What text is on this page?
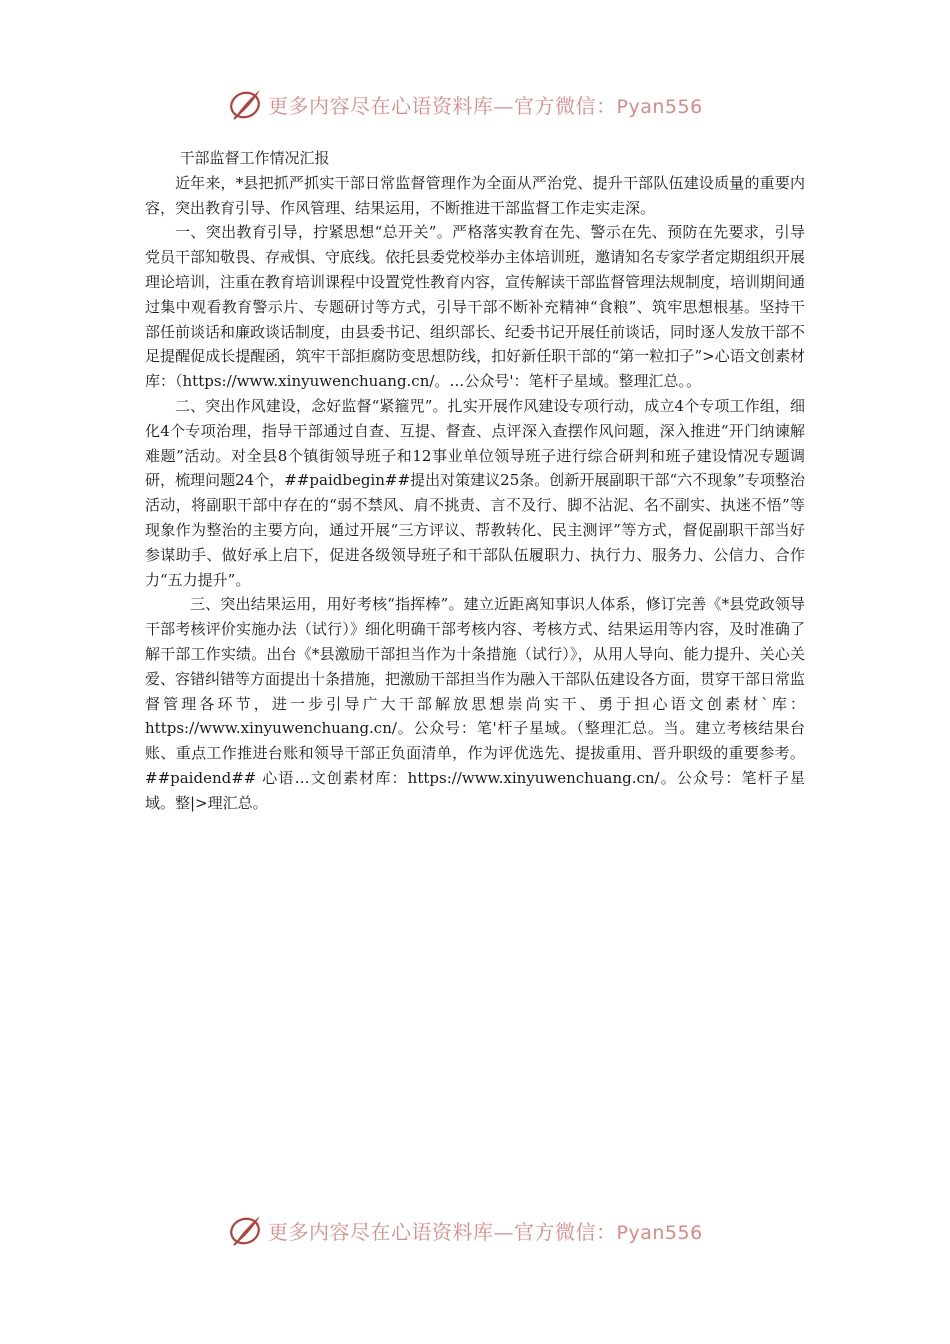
更多内容尽在心语资料库—官方微信：Pyan556

干部监督工作情况汇报

近年来，*县把抓严抓实干部日常监督管理作为全面从严治党、提升干部队伍建设质量的重要内容，突出教育引导、作风管理、结果运用，不断推进干部监督工作走实走深。

一、突出教育引导，拧紧思想“总开关”。严格落实教育在先、警示在先、预防在先要求，引导党员干部知敬畏、存戒惧、守底线。依托县委党校举办主体培训班，邀请知名专家学者定期组织开展理论培训，注重在教育培训课程中设置党性教育内容，宣传解读干部监督管理法规制度，培训期间通过集中观看教育警示片、专题研讨等方式，引导干部不断补充精神“食粮”、筑牢思想根基。坚持干部任前谈话和廉政谈话制度，由县委书记、组织部长、纪委书记开展任前谈话，同时逐人发放干部不足提醒促成长提醒函，筑牢干部拒腐防变思想防线，扣好新任职干部的“第一粒扣子”>心语文创素材库：（https://www.xinyuwenchuang.cn/。…公众号'：笔杆子星域。整理汇总。。

二、突出作风建设，念好监督“紧箍咒”。扎实开展作风建设专项行动，成立4个专项工作组，细化4个专项治理，指导干部通过自查、互提、督查、点评深入查摆作风问题，深入推进“开门纳谏解难题”活动。对全县8个镇街领导班子和12事业单位领导班子进行综合研判和班子建设情况专题调研，梳理问题24个，##paidbegin##提出对策建议25条。创新开展副职干部“六不现象”专项整治活动，将副职干部中存在的“弱不禁风、肩不挑责、言不及行、脚不沾泥、名不副实、执迷不悟”等现象作为整治的主要方向，通过开展“三方评议、帮教转化、民主测评”等方式，督促副职干部当好参谋助手、做好承上启下，促进各级领导班子和干部队伍履职力、执行力、服务力、公信力、合作力“五力提升”。

三、突出结果运用，用好考核“指挥棒”。建立近距离知事识人体系，修订完善《*县党政领导干部考核评价实施办法（试行）》细化明确干部考核内容、考核方式、结果运用等内容，及时准确了解干部工作实绩。出台《*县激励干部担当作为十条措施（试行）》，从用人导向、能力提升、关心关爱、容错纠错等方面提出十条措施，把激励干部担当作为融入干部队伍建设各方面，贯穿干部日常监督管理各环节，进一步引导广大干部解放思想崇尚实干、勇于担心语文创素材`库：https://www.xinyuwenchuang.cn/。公众号：笔'杆子星域。（整理汇总。当。建立考核结果台账、重点工作推进台账和领导干部正负面清单，作为评优选先、提拔重用、晋升职级的重要参考。 ##paidend## 心语…文创素材库：https://www.xinyuwenchuang.cn/。公众号：笔杆子星域。整|>理汇总。

更多内容尽在心语资料库—官方微信：Pyan556
